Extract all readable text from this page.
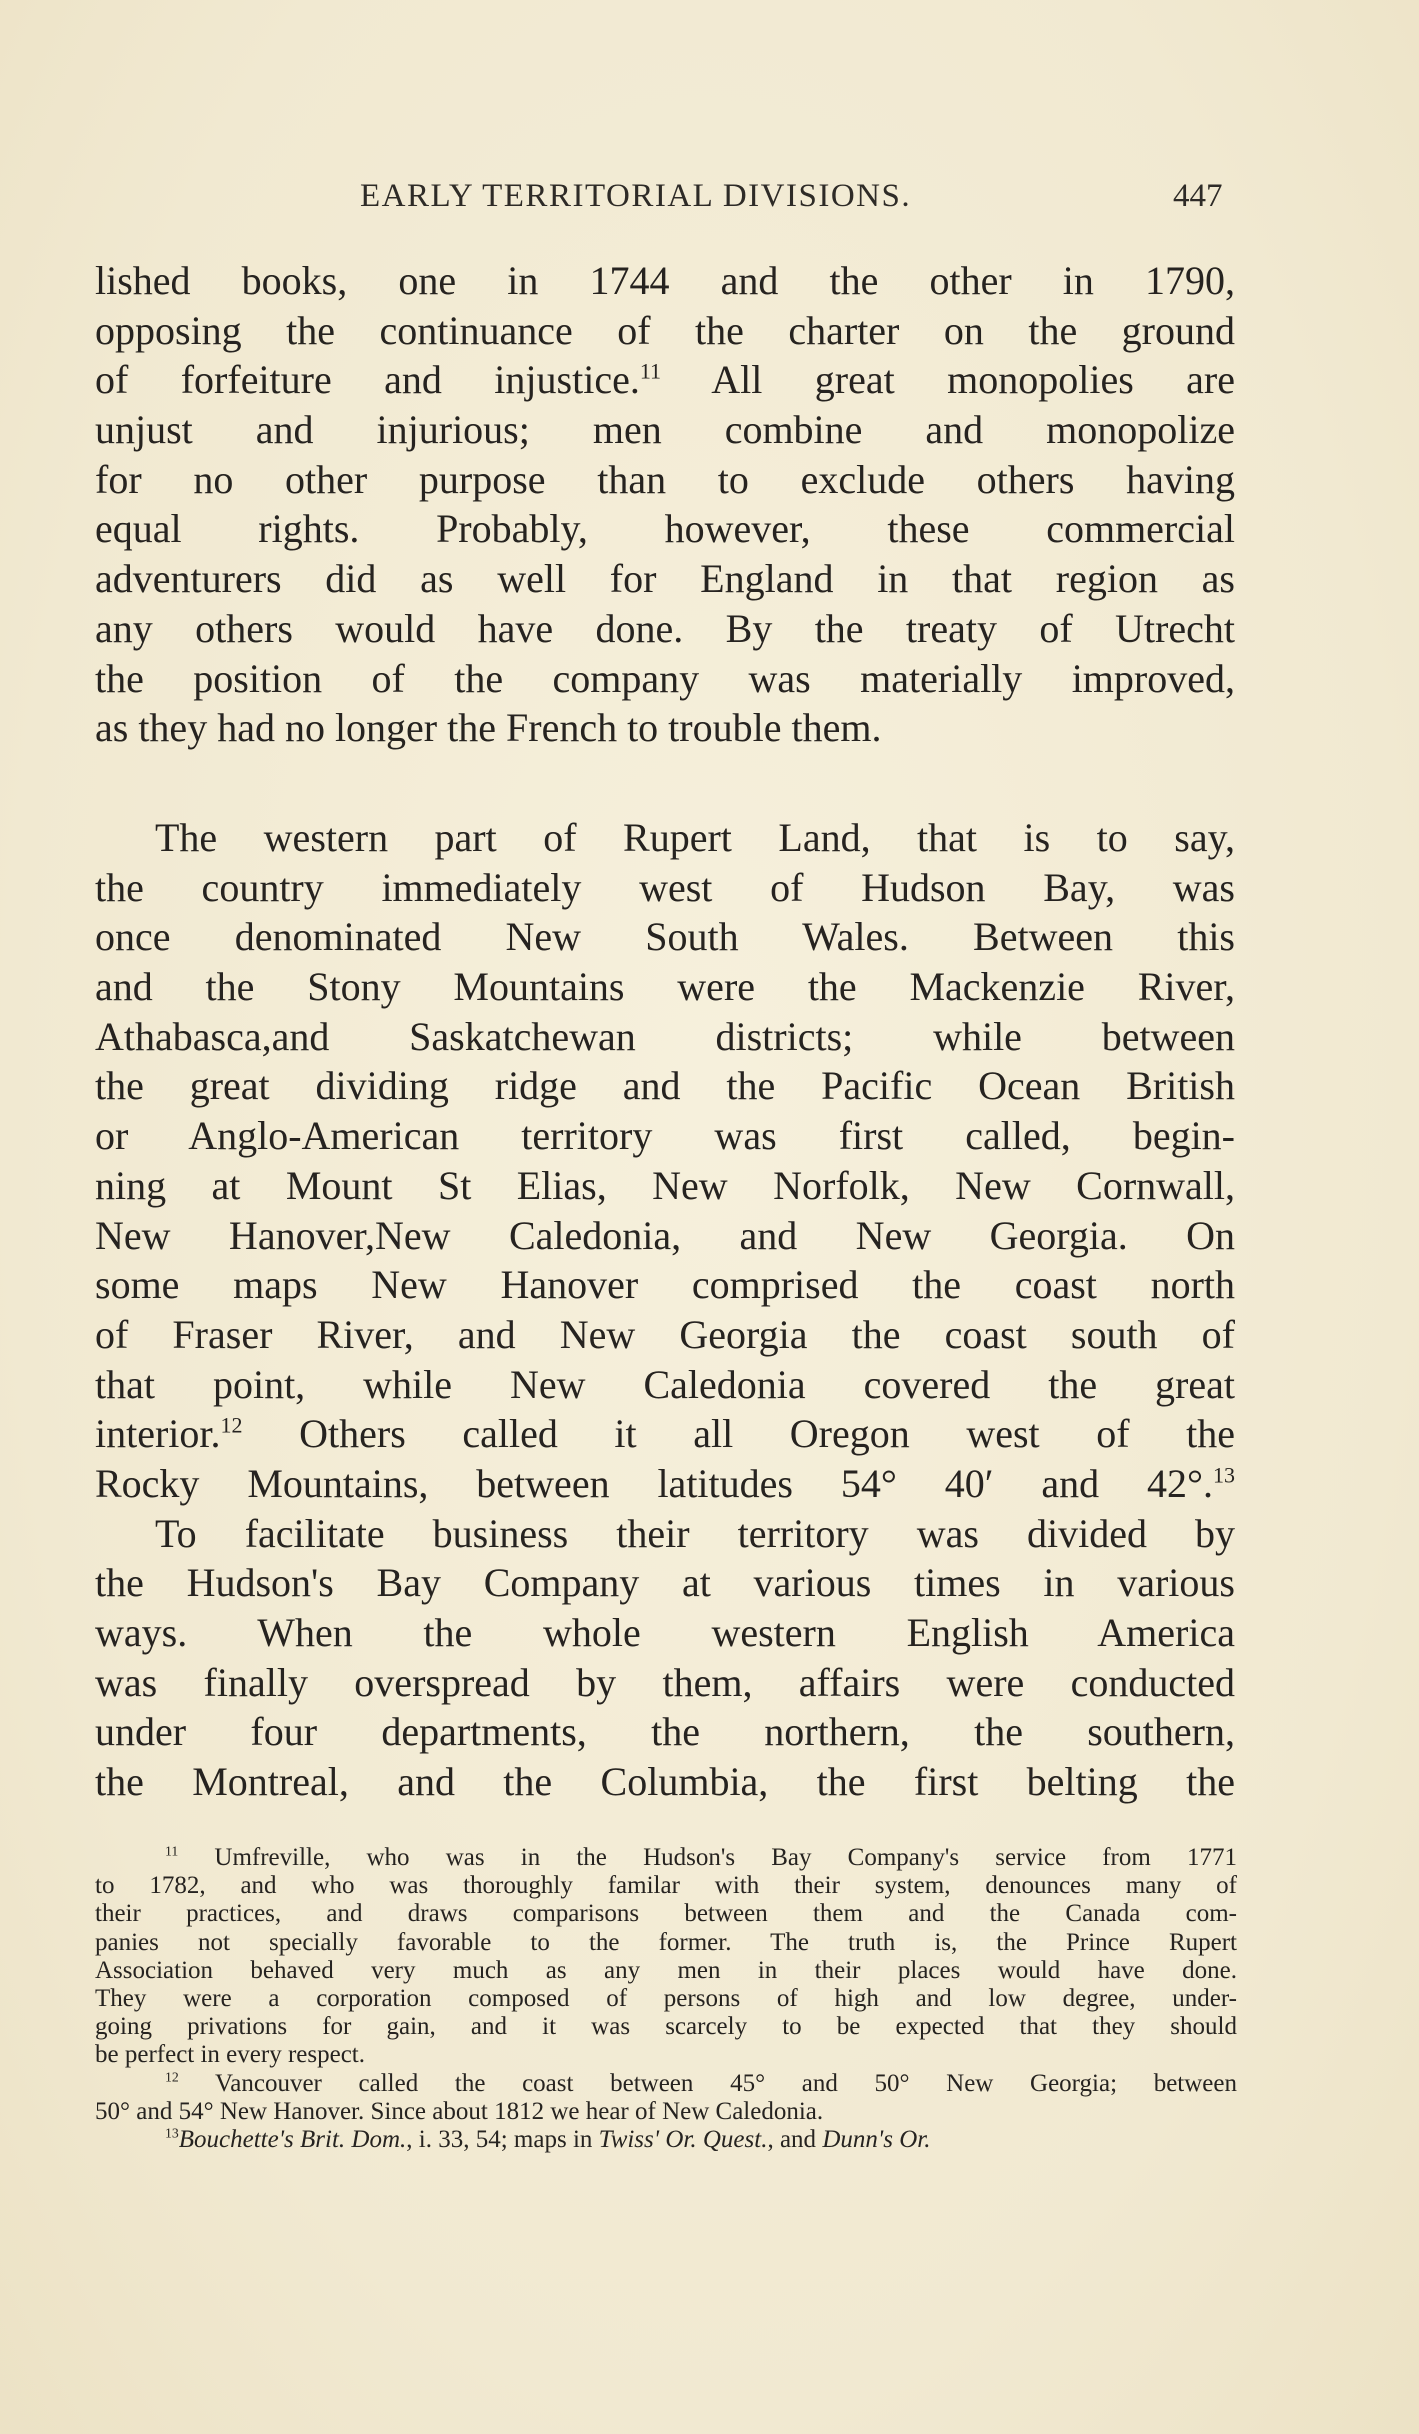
EARLY TERRITORIAL DIVISIONS.	447
lished books, one in 1744 and the other in 1790,
opposing the continuance of the charter on the ground
of forfeiture and injustice.$^{11}$ All great monopolies are
unjust and injurious; men combine and monopolize
for no other purpose than to exclude others having
equal rights. Probably, however, these commercial
adventurers did as well for England in that region as
any others would have done. By the treaty of Utrecht
the position of the company was materially improved,
as they had no longer the French to trouble them.
The western part of Rupert Land, that is to say,
the country immediately west of Hudson Bay, was
once denominated New South Wales. Between this
and the Stony Mountains were the Mackenzie River,
Athabasca,and Saskatchewan districts; while between
the great dividing ridge and the Pacific Ocean British
or Anglo-American territory was first called, begin-
ning at Mount St Elias, New Norfolk, New Cornwall,
New Hanover,New Caledonia, and New Georgia. On
some maps New Hanover comprised the coast north
of Fraser River, and New Georgia the coast south of
that point, while New Caledonia covered the great
interior.$^{12}$ Others called it all Oregon west of the
Rocky Mountains, between latitudes 54° 40′ and 42°.$^{13}$
To facilitate business their territory was divided by
the Hudson's Bay Company at various times in various
ways. When the whole western English America
was finally overspread by them, affairs were conducted
under four departments, the northern, the southern,
the Montreal, and the Columbia, the first belting the
$^{11}$ Umfreville, who was in the Hudson's Bay Company's service from 1771
to 1782, and who was thoroughly familar with their system, denounces many of
their practices, and draws comparisons between them and the Canada com-
panies not specially favorable to the former. The truth is, the Prince Rupert
Association behaved very much as any men in their places would have done.
They were a corporation composed of persons of high and low degree, under-
going privations for gain, and it was scarcely to be expected that they should
be perfect in every respect.
$^{12}$ Vancouver called the coast between 45° and 50° New Georgia; between
50° and 54° New Hanover. Since about 1812 we hear of New Caledonia.
$^{13}$Bouchette's Brit. Dom., i. 33, 54; maps in Twiss' Or. Quest., and Dunn's Or.
